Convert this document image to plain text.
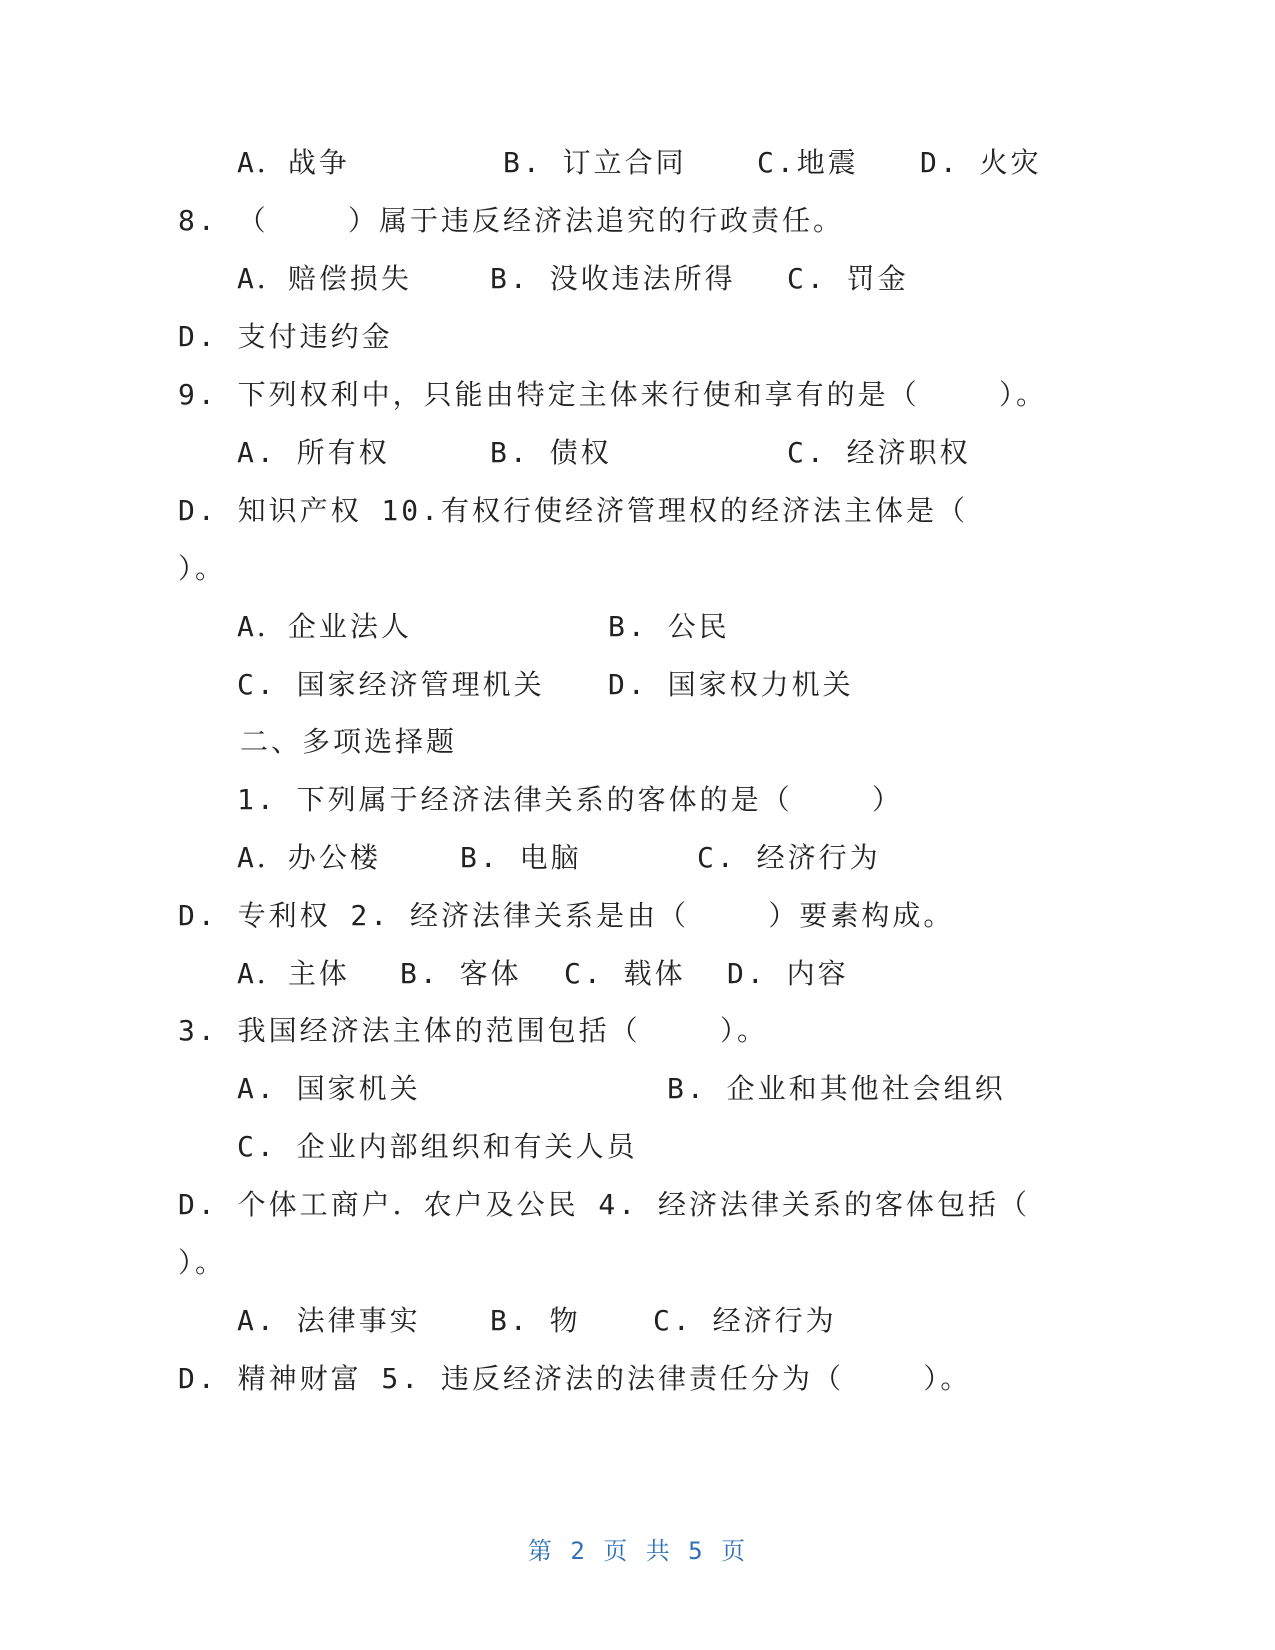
A．战争	B. 订立合同	C.地震 D. 火灾
8. （    ）属于违反经济法追究的行政责任。
A．赔偿损失	B. 没收违法所得 C. 罚金
D. 支付违约金
9. 下列权利中，只能由特定主体来行使和享有的是（    ）。
A. 所有权	B. 债权	C. 经济职权
D. 知识产权 10.有权行使经济管理权的经济法主体是（
）。
A．企业法人	B. 公民
C. 国家经济管理机关 D. 国家权力机关
二、多项选择题
1. 下列属于经济法律关系的客体的是（    ）
A．办公楼	B. 电脑	C. 经济行为
D. 专利权 2. 经济法律关系是由（    ）要素构成。
A．主体 B. 客体 C. 载体 D. 内容
3. 我国经济法主体的范围包括（    ）。
A. 国家机关	B. 企业和其他社会组织
C. 企业内部组织和有关人员
D. 个体工商户．农户及公民 4. 经济法律关系的客体包括（
）。
A. 法律事实 B. 物	C. 经济行为
D. 精神财富 5. 违反经济法的法律责任分为（    ）。
第 2 页 共 5 页
